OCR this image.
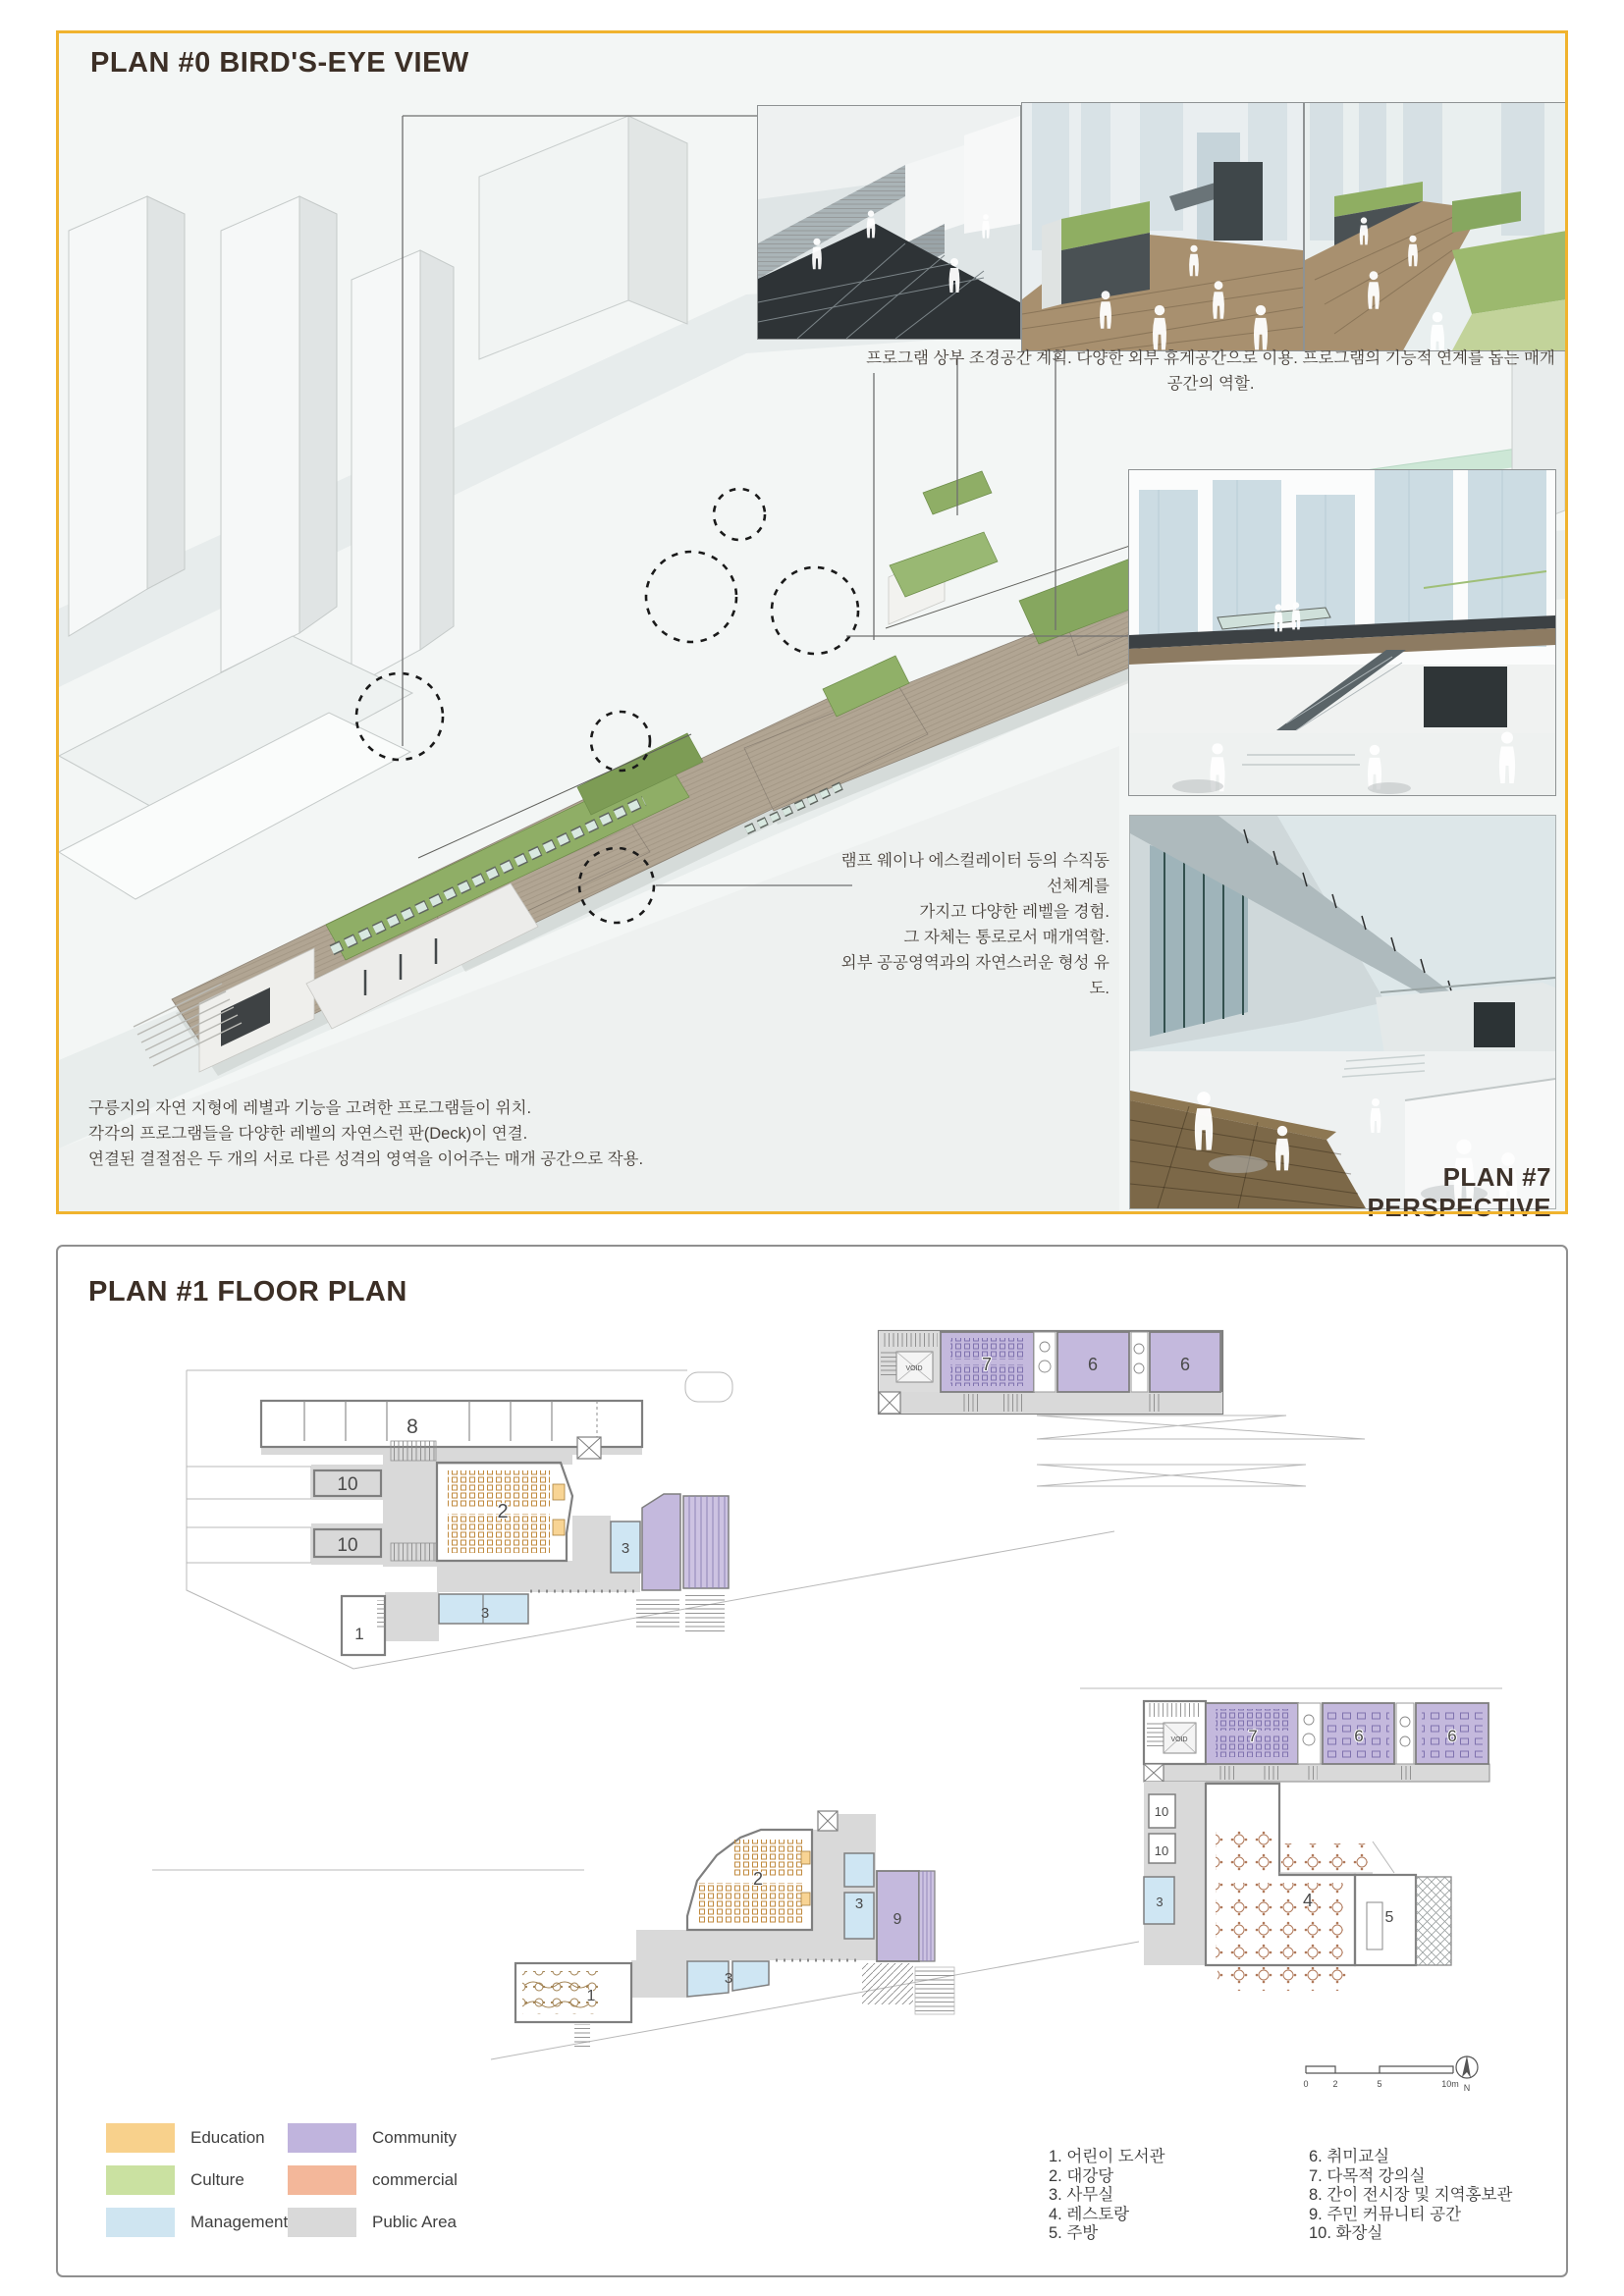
PLAN #0 BIRD'S-EYE VIEW
프로그램 상부 조경공간 계획. 다양한 외부 휴게공간으로 이용. 프로그램의 기능적 연계를 돕는 매개공간의 역할.
램프 웨이나 에스컬레이터 등의 수직동선체계를
가지고 다양한 레벨을 경험.
그 자체는 통로로서 매개역할.
외부 공공영역과의 자연스러운 형성 유도.
PLAN #7 PERSPECTIVE
구릉지의 자연 지형에 레별과 기능을 고려한 프로그램들이 위치.
각각의 프로그램들을 다양한 레벨의 자연스런 판(Deck)이 연결.
연결된 결절점은 두 개의 서로 다른 성격의 영역을 이어주는 매개 공간으로 작용.
PLAN #1 FLOOR PLAN
8
10
10
2
3
1
3
VOID	7	6	6
2
3
9
1
3
VOID	7	6	6
10
10
3	4
5
0	2	5	10m N
Education
Culture
Management
Community
commercial
Public Area
1. 어린이 도서관
2. 대강당
3. 사무실
4. 레스토랑
5. 주방
6. 취미교실
7. 다목적 강의실
8. 간이 전시장 및 지역홍보관
9. 주민 커뮤니티 공간
10. 화장실
